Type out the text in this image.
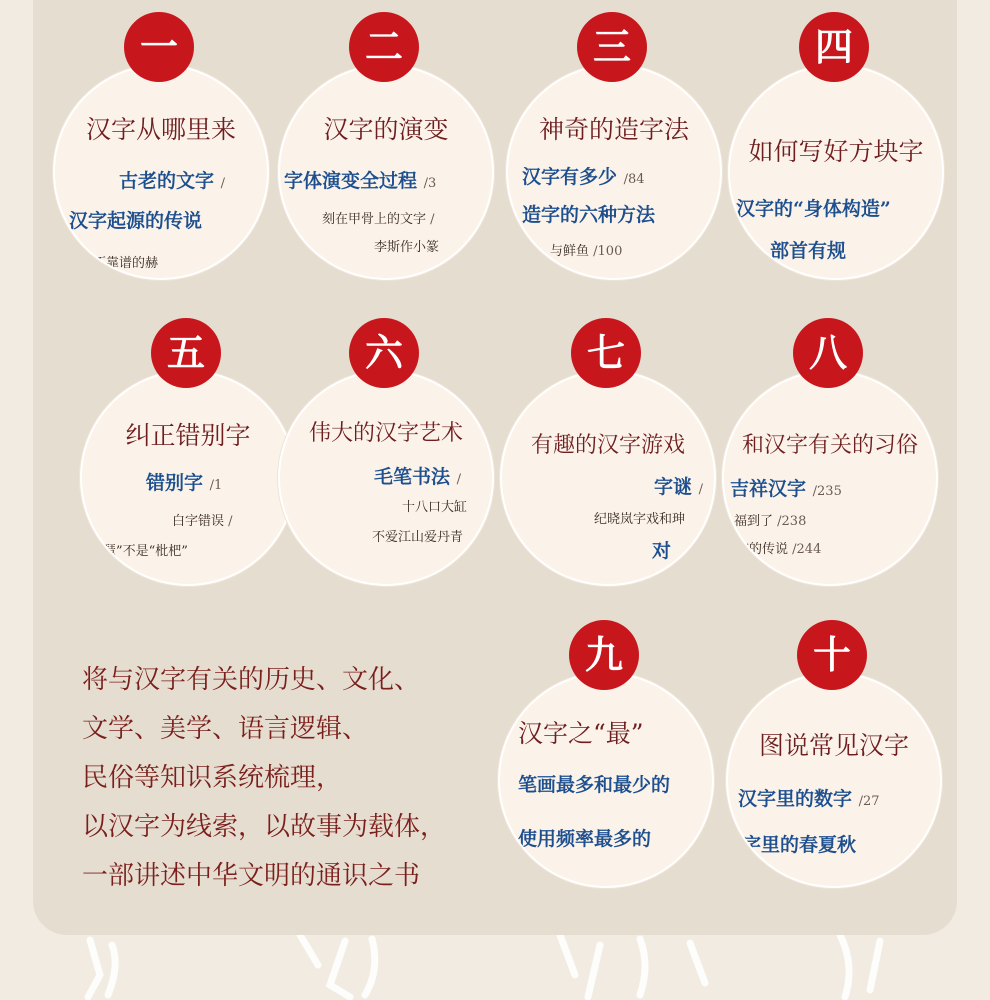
一
汉字从哪里来
古老的文字 /
汉字起源的传说
不靠谱的赫
二
汉字的演变
字体演变全过程 /3
刻在甲骨上的文字 /
李斯作小篆
三
神奇的造字法
汉字有多少 /84
造字的六种方法
与鲜鱼 /100
四
如何写好方块字
汉字的“身体构造”
部首有规
五
纠正错别字
错别字 /1
白字错误 /
琵琶”不是“枇杷”
六
伟大的汉字艺术
毛笔书法 /
十八口大缸
不爱江山爱丹青
七
有趣的汉字游戏
字谜 /
纪晓岚字戏和珅
对
八
和汉字有关的习俗
吉祥汉字 /235
福到了 /238
字的传说 /244
九
汉字之“最”
笔画最多和最少的
使用频率最多的
十
图说常见汉字
汉字里的数字 /27
字里的春夏秋
将与汉字有关的历史、文化、
文学、美学、语言逻辑、
民俗等知识系统梳理，
以汉字为线索，以故事为载体，
一部讲述中华文明的通识之书
